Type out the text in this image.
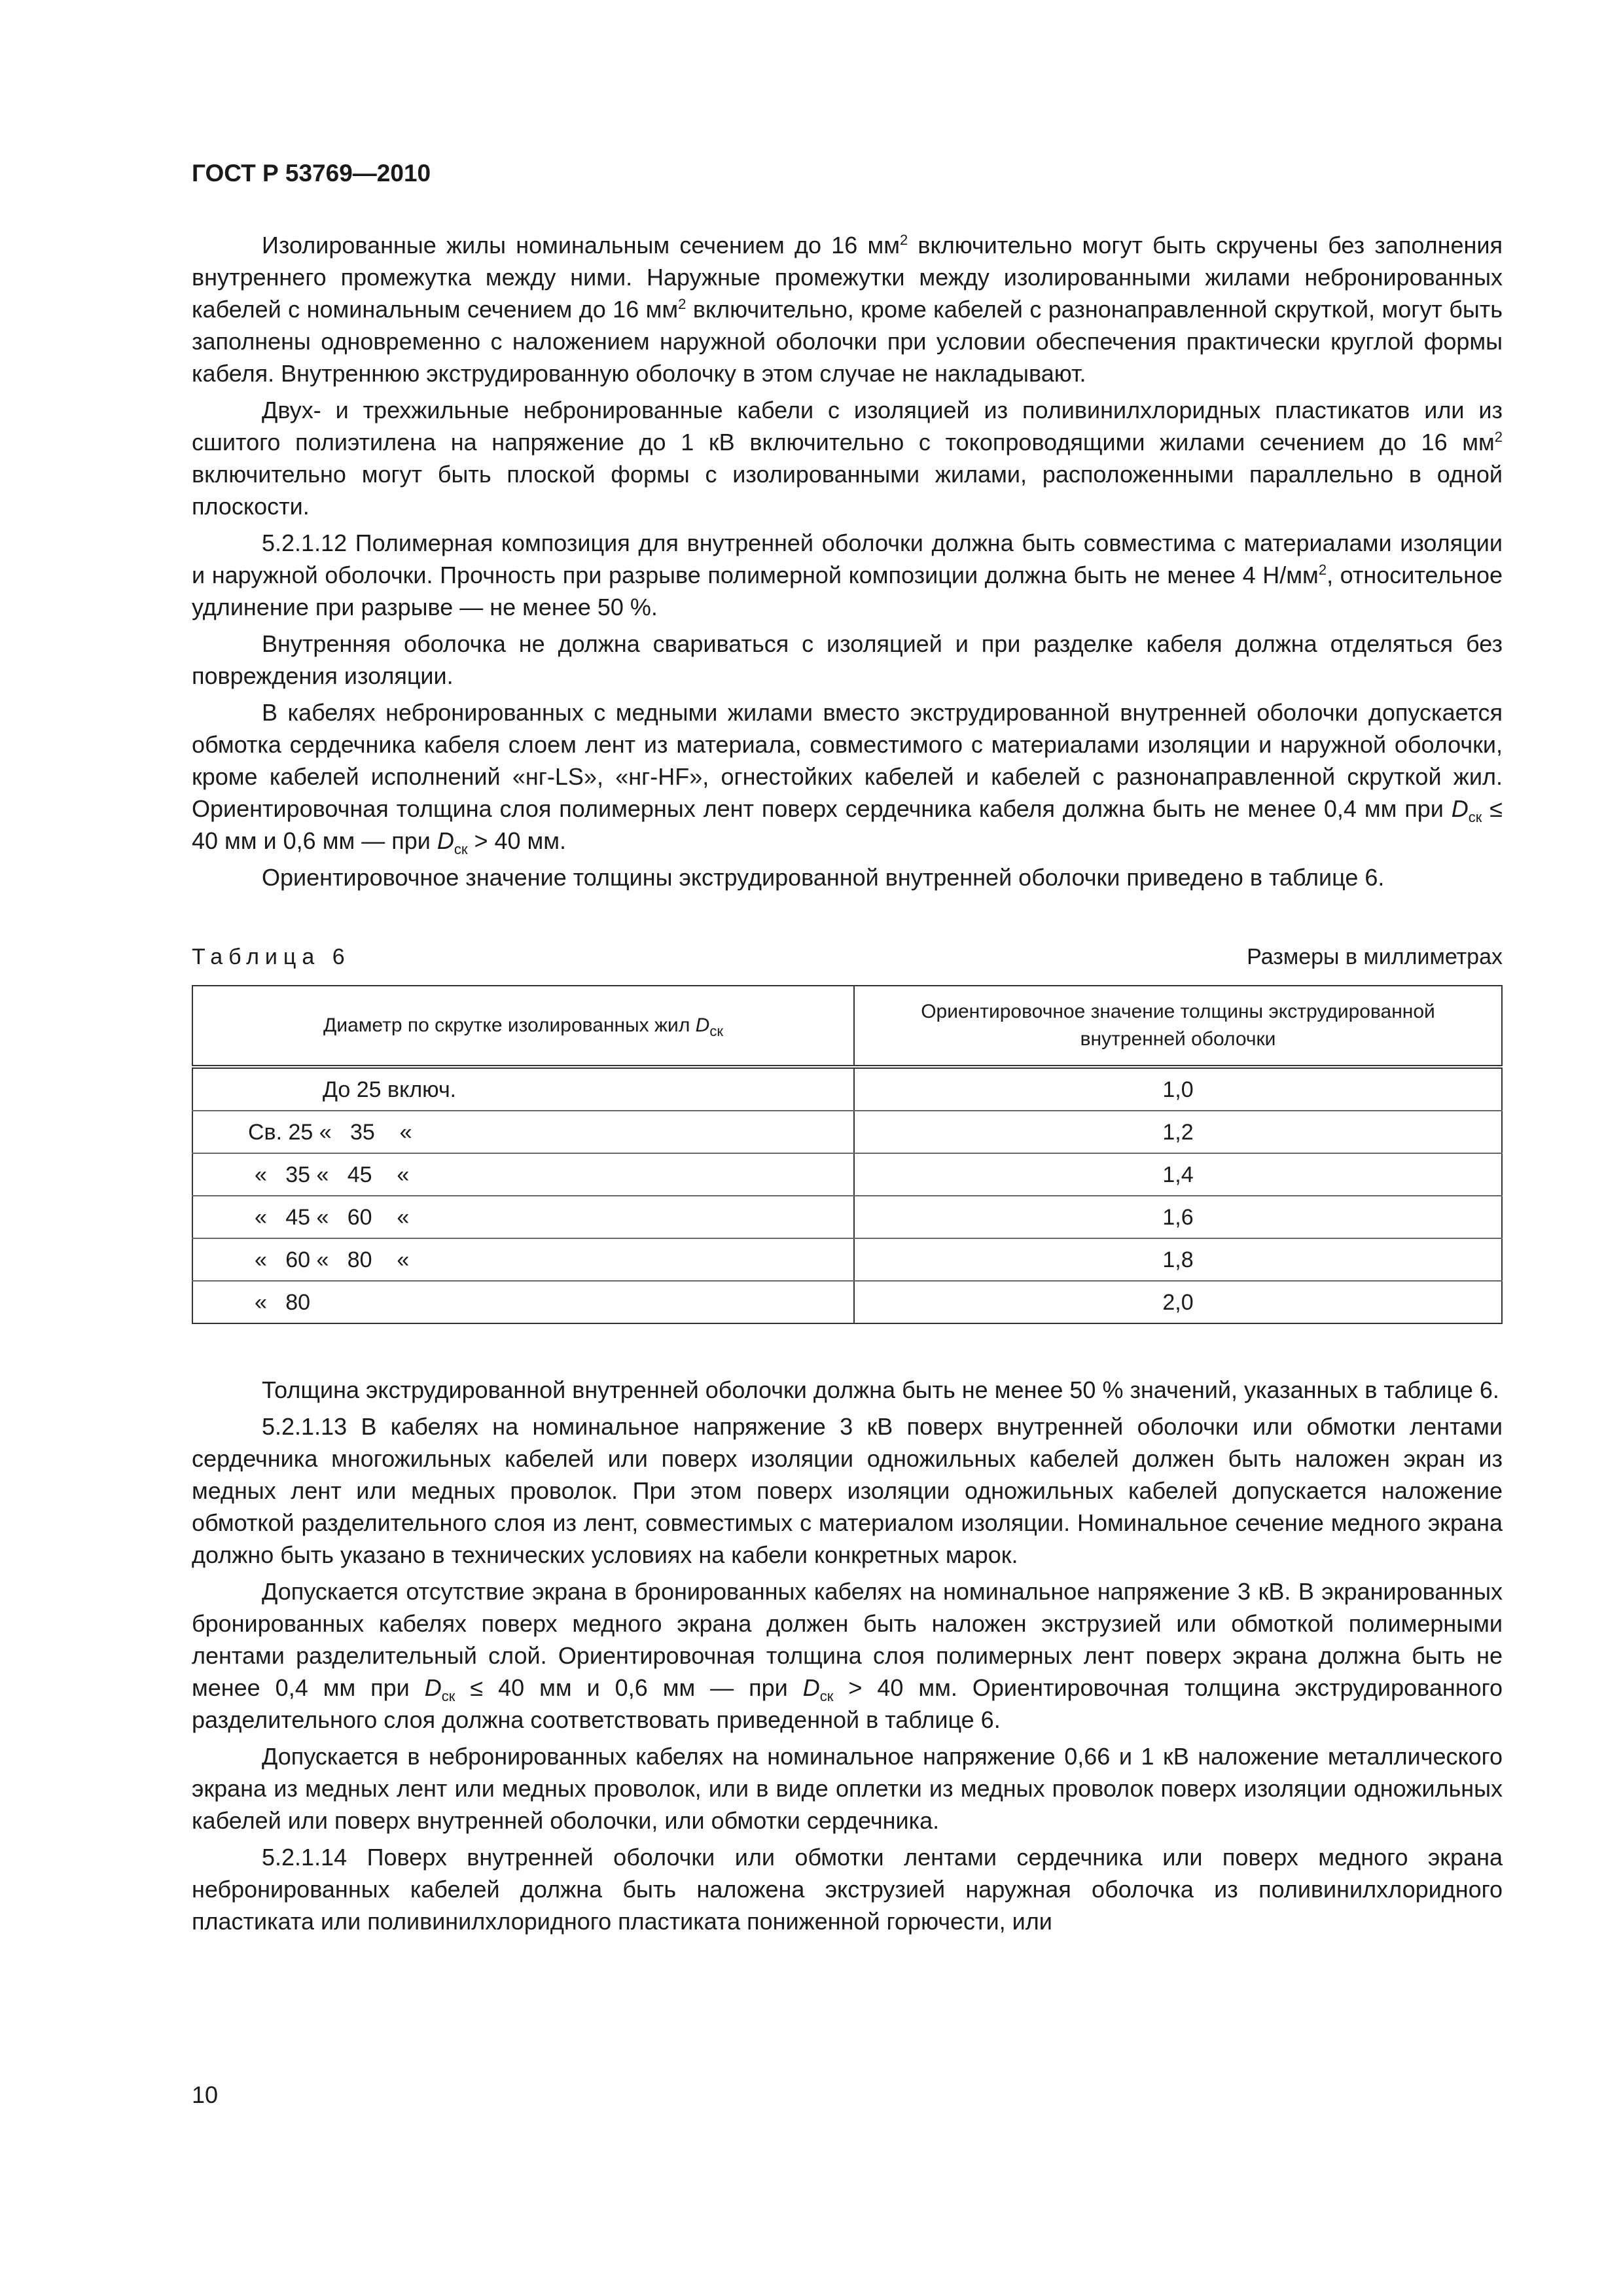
ГОСТ Р 53769—2010

Изолированные жилы номинальным сечением до 16 $мм^2$ включительно могут быть скручены без заполнения внутреннего промежутка между ними. Наружные промежутки между изолированными жилами небронированных кабелей с номинальным сечением до 16 $мм^2$ включительно, кроме кабелей с разнонаправленной скруткой, могут быть заполнены одновременно с наложением наружной оболочки при условии обеспечения практически круглой формы кабеля. Внутреннюю экструдированную оболочку в этом случае не накладывают.

Двух- и трехжильные небронированные кабели с изоляцией из поливинилхлоридных пластикатов или из сшитого полиэтилена на напряжение до 1 кВ включительно с токопроводящими жилами сечением до 16 $мм^2$ включительно могут быть плоской формы с изолированными жилами, расположенными параллельно в одной плоскости.

5.2.1.12 Полимерная композиция для внутренней оболочки должна быть совместима с материалами изоляции и наружной оболочки. Прочность при разрыве полимерной композиции должна быть не менее 4 $Н/мм^2$, относительное удлинение при разрыве — не менее 50 %.

Внутренняя оболочка не должна свариваться с изоляцией и при разделке кабеля должна отделяться без повреждения изоляции.

В кабелях небронированных с медными жилами вместо экструдированной внутренней оболочки допускается обмотка сердечника кабеля слоем лент из материала, совместимого с материалами изоляции и наружной оболочки, кроме кабелей исполнений «нг-LS», «нг-HF», огнестойких кабелей и кабелей с разнонаправленной скруткой жил. Ориентировочная толщина слоя полимерных лент поверх сердечника кабеля должна быть не менее 0,4 мм при $D_{ск} \le 40$ мм и 0,6 мм — при $D_{ск} > 40$ мм.

Ориентировочное значение толщины экструдированной внутренней оболочки приведено в таблице 6.

Таблица 6	Размеры в миллиметрах
Диаметр по скрутке изолированных жил $D_{ск}$	Ориентировочное значение толщины экструдированной внутренней оболочки
До 25 включ.	1,0
Св. 25 «   35    «	1,2
«   35 «   45    «	1,4
«   45 «   60    «	1,6
«   60 «   80    «	1,8
«   80	2,0

Толщина экструдированной внутренней оболочки должна быть не менее 50 % значений, указанных в таблице 6.

5.2.1.13 В кабелях на номинальное напряжение 3 кВ поверх внутренней оболочки или обмотки лентами сердечника многожильных кабелей или поверх изоляции одножильных кабелей должен быть наложен экран из медных лент или медных проволок. При этом поверх изоляции одножильных кабелей допускается наложение обмоткой разделительного слоя из лент, совместимых с материалом изоляции. Номинальное сечение медного экрана должно быть указано в технических условиях на кабели конкретных марок.

Допускается отсутствие экрана в бронированных кабелях на номинальное напряжение 3 кВ. В экранированных бронированных кабелях поверх медного экрана должен быть наложен экструзией или обмоткой полимерными лентами разделительный слой. Ориентировочная толщина слоя полимерных лент поверх экрана должна быть не менее 0,4 мм при $D_{ск} \le 40$ мм и 0,6 мм — при $D_{ск} > 40$ мм. Ориентировочная толщина экструдированного разделительного слоя должна соответствовать приведенной в таблице 6.

Допускается в небронированных кабелях на номинальное напряжение 0,66 и 1 кВ наложение металлического экрана из медных лент или медных проволок, или в виде оплетки из медных проволок поверх изоляции одножильных кабелей или поверх внутренней оболочки, или обмотки сердечника.

5.2.1.14 Поверх внутренней оболочки или обмотки лентами сердечника или поверх медного экрана небронированных кабелей должна быть наложена экструзией наружная оболочка из поливинилхлоридного пластиката или поливинилхлоридного пластиката пониженной горючести, или

10
